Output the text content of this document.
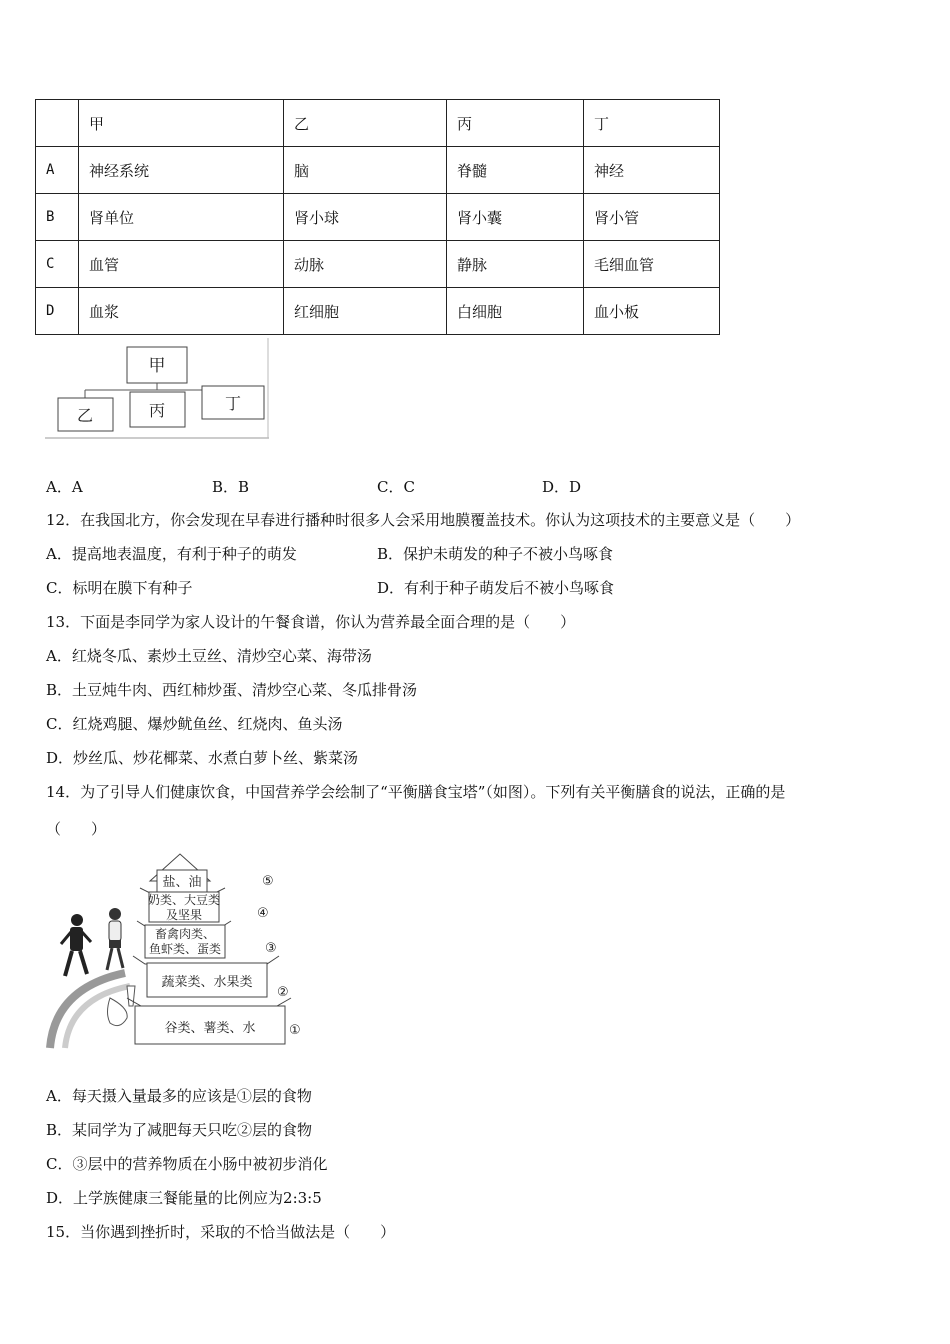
	甲	乙	丙	丁
A	神经系统	脑	脊髓	神经
B	肾单位	肾小球	肾小囊	肾小管
C	血管	动脉	静脉	毛细血管
D	血浆	红细胞	白细胞	血小板
甲
乙	丙	丁
A．A	B．B	C．C	D．D
12．在我国北方，你会发现在早春进行播种时很多人会采用地膜覆盖技术。你认为这项技术的主要意义是（　　）
A．提高地表温度，有利于种子的萌发	B．保护未萌发的种子不被小鸟啄食
C．标明在膜下有种子	D．有利于种子萌发后不被小鸟啄食
13．下面是李同学为家人设计的午餐食谱，你认为营养最全面合理的是（　　）
A．红烧冬瓜、素炒土豆丝、清炒空心菜、海带汤
B．土豆炖牛肉、西红柿炒蛋、清炒空心菜、冬瓜排骨汤
C．红烧鸡腿、爆炒鱿鱼丝、红烧肉、鱼头汤
D．炒丝瓜、炒花椰菜、水煮白萝卜丝、紫菜汤
14．为了引导人们健康饮食，中国营养学会绘制了“平衡膳食宝塔”（如图）。下列有关平衡膳食的说法，正确的是
（　　）
盐、油	⑤
奶类、大豆类
及坚果	④
畜禽肉类、
鱼虾类、蛋类	③
蔬菜类、水果类
②
谷类、薯类、水	①
A．每天摄入量最多的应该是①层的食物
B．某同学为了减肥每天只吃②层的食物
C．③层中的营养物质在小肠中被初步消化
D．上学族健康三餐能量的比例应为2:3:5
15．当你遇到挫折时，采取的不恰当做法是（　　）
